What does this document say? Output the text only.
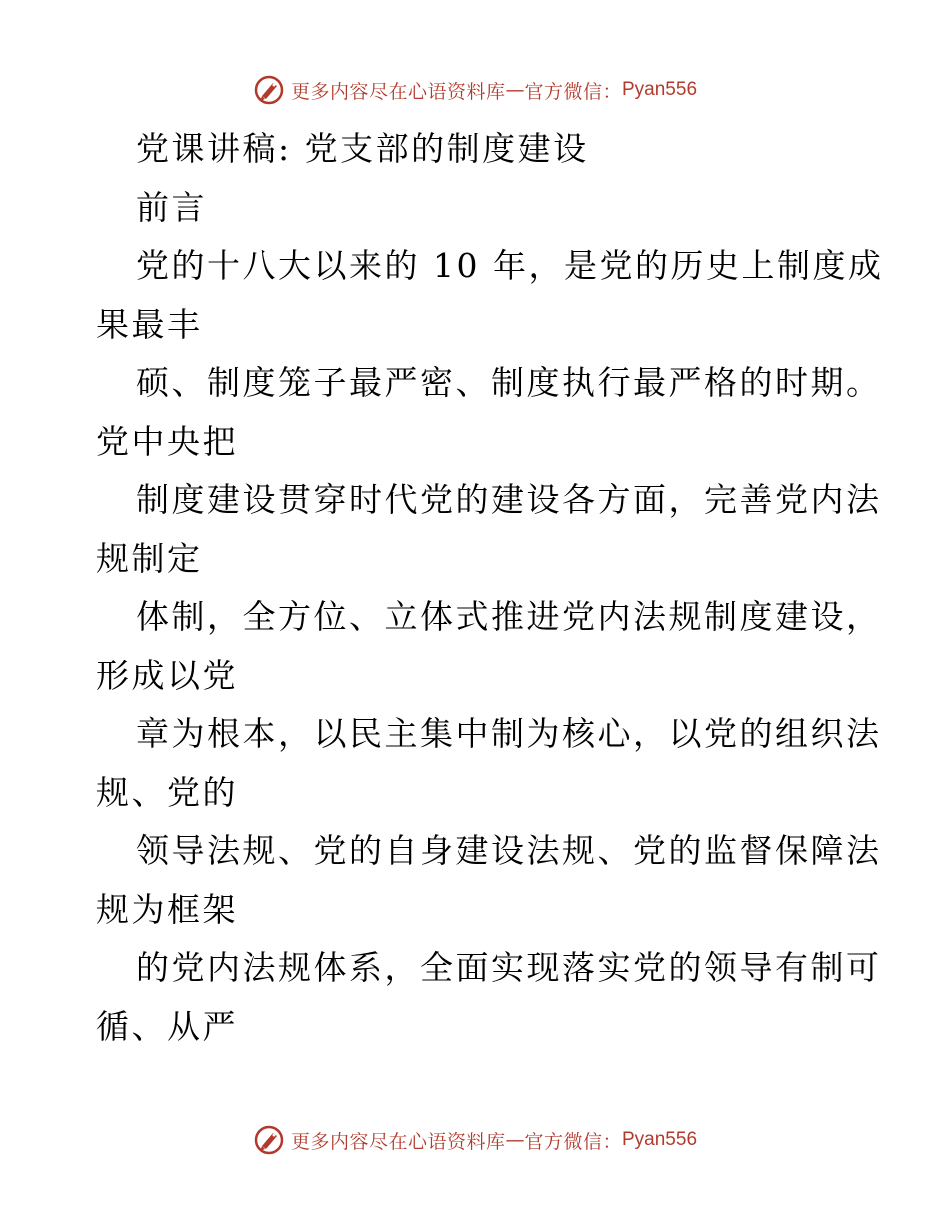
更多内容尽在心语资料库 — 官方微信： Pyan556
党课讲稿: 党支部的制度建设
前言
党的十八大以来的 10 年，是党的历史上制度成
果最丰
硕、制度笼子最严密、制度执行最严格的时期。
党中央把
制度建设贯穿时代党的建设各方面，完善党内法
规制定
体制，全方位、立体式推进党内法规制度建设，
形成以党
章为根本，以民主集中制为核心，以党的组织法
规、党的
领导法规、党的自身建设法规、党的监督保障法
规为框架
的党内法规体系，全面实现落实党的领导有制可
循、从严
更多内容尽在心语资料库 — 官方微信： Pyan556
